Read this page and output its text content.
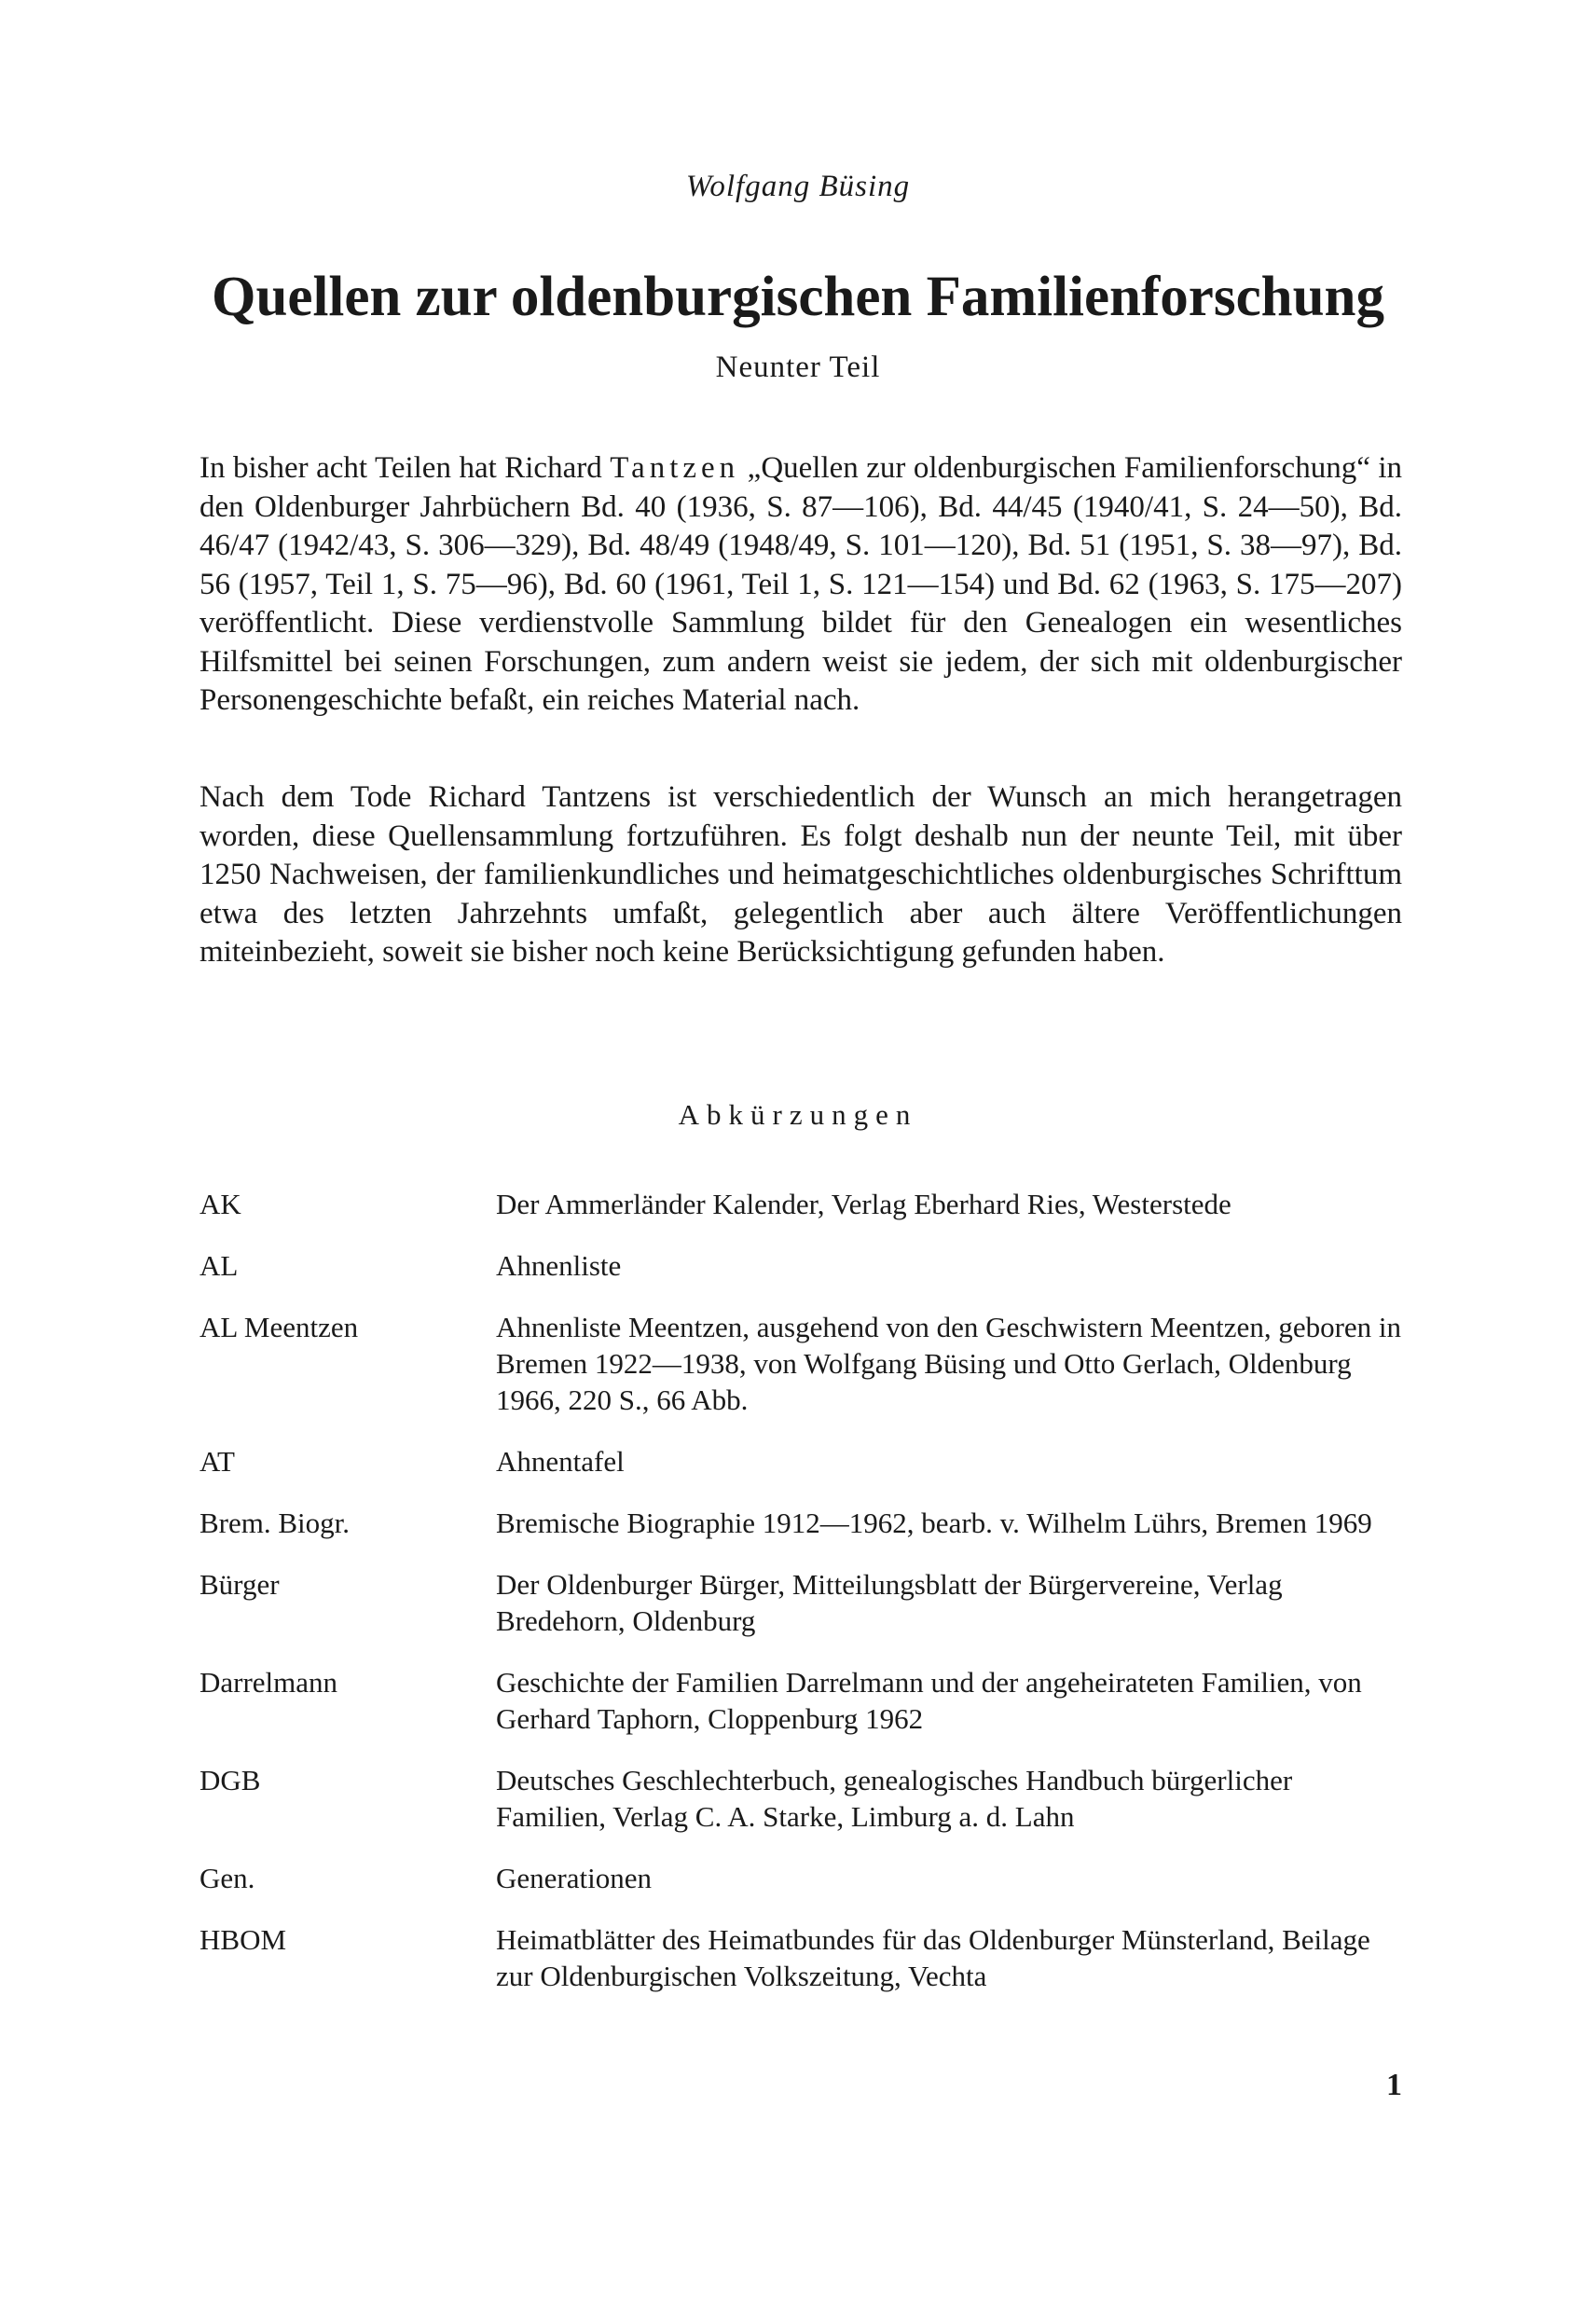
Wolfgang Büsing
Quellen zur oldenburgischen Familienforschung
Neunter Teil

In bisher acht Teilen hat Richard Tantzen „Quellen zur oldenburgischen Familienforschung“ in den Oldenburger Jahrbüchern Bd. 40 (1936, S. 87—106), Bd. 44/45 (1940/41, S. 24—50), Bd. 46/47 (1942/43, S. 306—329), Bd. 48/49 (1948/49, S. 101—120), Bd. 51 (1951, S. 38—97), Bd. 56 (1957, Teil 1, S. 75—96), Bd. 60 (1961, Teil 1, S. 121—154) und Bd. 62 (1963, S. 175—207) veröffentlicht. Diese verdienstvolle Sammlung bildet für den Genealogen ein wesentliches Hilfsmittel bei seinen Forschungen, zum andern weist sie jedem, der sich mit oldenburgischer Personengeschichte befaßt, ein reiches Material nach.

Nach dem Tode Richard Tantzens ist verschiedentlich der Wunsch an mich herangetragen worden, diese Quellensammlung fortzuführen. Es folgt deshalb nun der neunte Teil, mit über 1250 Nachweisen, der familienkundliches und heimatgeschichtliches oldenburgisches Schrifttum etwa des letzten Jahrzehnts umfaßt, gelegentlich aber auch ältere Veröffentlichungen miteinbezieht, soweit sie bisher noch keine Berücksichtigung gefunden haben.

Abkürzungen
AK	Der Ammerländer Kalender, Verlag Eberhard Ries, Westerstede
AL	Ahnenliste
AL Meentzen	Ahnenliste Meentzen, ausgehend von den Geschwistern Meentzen, geboren in Bremen 1922—1938, von Wolfgang Büsing und Otto Gerlach, Oldenburg 1966, 220 S., 66 Abb.
AT	Ahnentafel
Brem. Biogr.	Bremische Biographie 1912—1962, bearb. v. Wilhelm Lührs, Bremen 1969
Bürger	Der Oldenburger Bürger, Mitteilungsblatt der Bürgervereine, Verlag Bredehorn, Oldenburg
Darrelmann	Geschichte der Familien Darrelmann und der angeheirateten Familien, von Gerhard Taphorn, Cloppenburg 1962
DGB	Deutsches Geschlechterbuch, genealogisches Handbuch bürgerlicher Familien, Verlag C. A. Starke, Limburg a. d. Lahn
Gen.	Generationen
HBOM	Heimatblätter des Heimatbundes für das Oldenburger Münsterland, Beilage zur Oldenburgischen Volkszeitung, Vechta
1
